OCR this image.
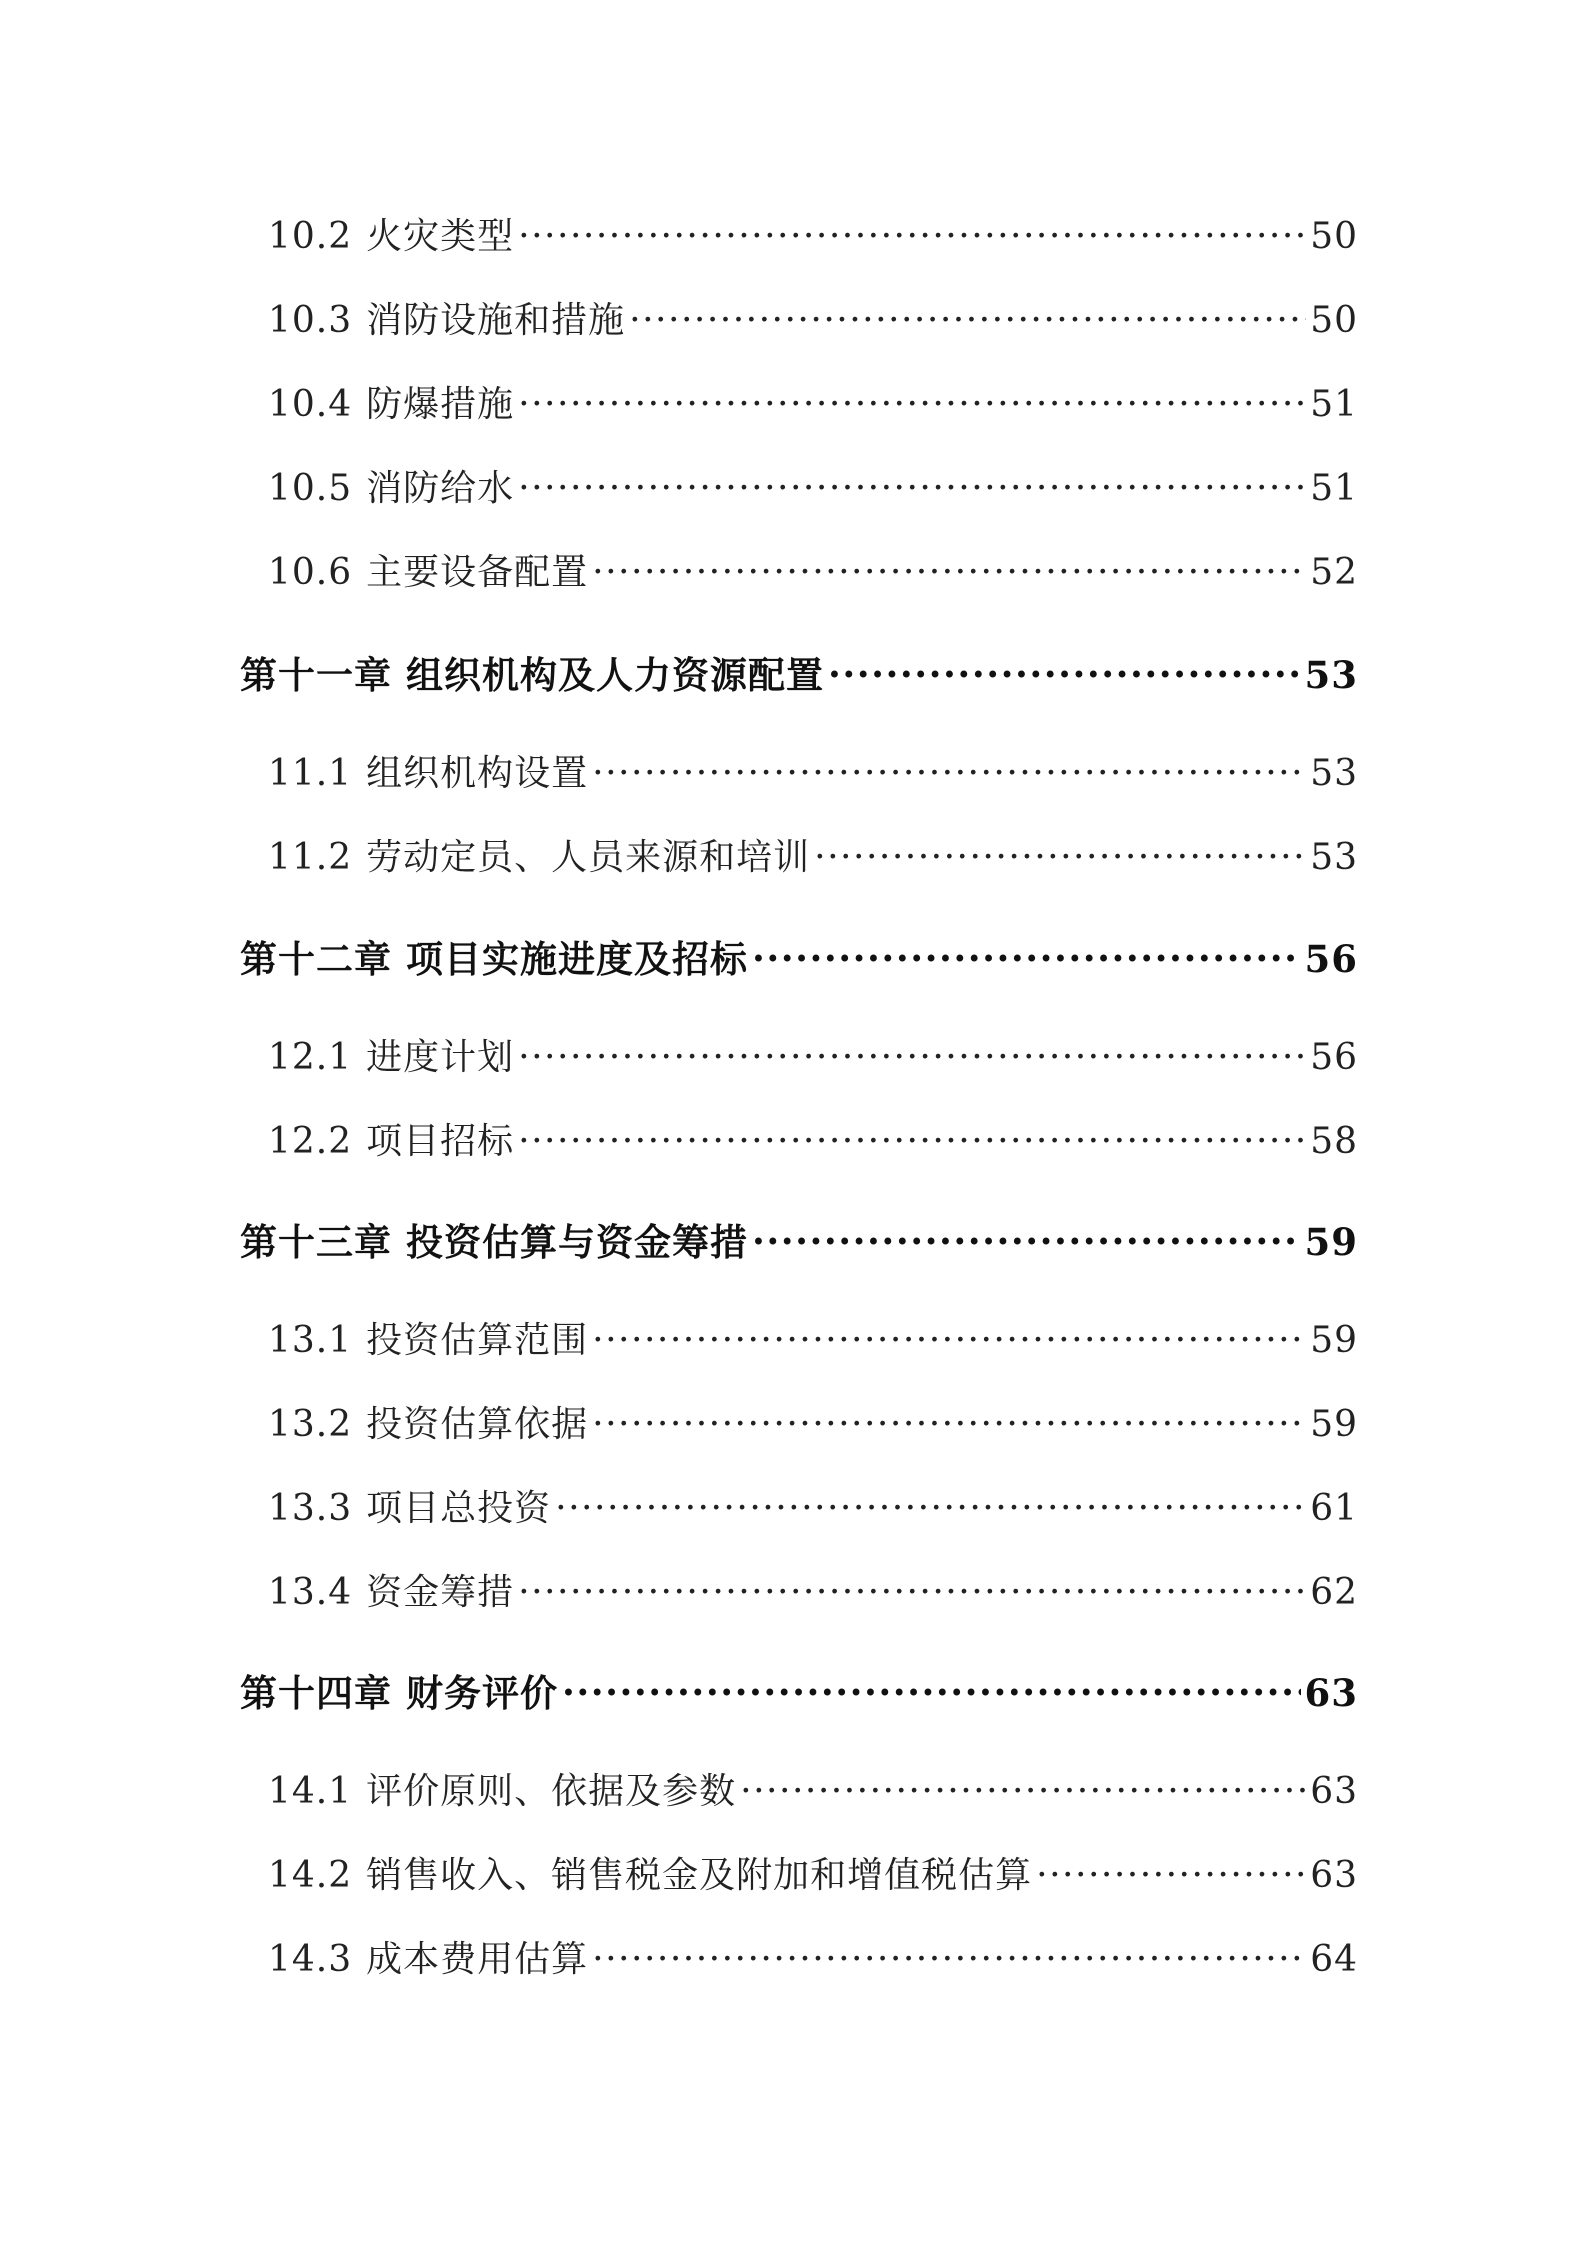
10.2 火灾类型 .....	50
10.3 消防设施和措施 .....	50
10.4 防爆措施 .....	51
10.5 消防给水 .....	51
10.6 主要设备配置 .....	52
第十一章 组织机构及人力资源配置 .....	53
11.1 组织机构设置 .....	53
11.2 劳动定员、人员来源和培训 .....	53
第十二章 项目实施进度及招标 .....	56
12.1 进度计划 .....	56
12.2 项目招标 .....	58
第十三章 投资估算与资金筹措 .....	59
13.1 投资估算范围 .....	59
13.2 投资估算依据 .....	59
13.3 项目总投资 .....	61
13.4 资金筹措 .....	62
第十四章 财务评价 .....	63
14.1 评价原则、依据及参数 .....	63
14.2 销售收入、销售税金及附加和增值税估算 .....	63
14.3 成本费用估算 .....	64
